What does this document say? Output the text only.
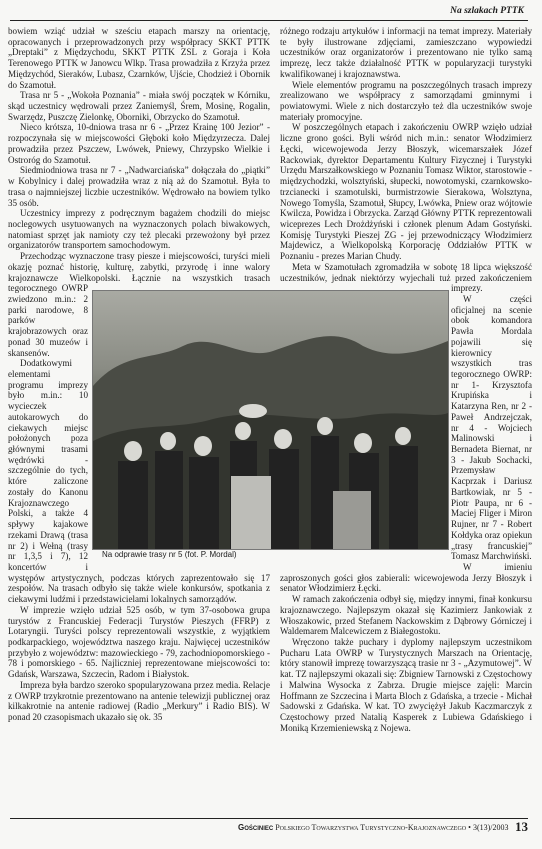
Na szlakach PTTK

bowiem wziąć udział w sześciu etapach marszy na orientację, opracowanych i przeprowadzonych przy współpracy SKKT PTTK „Dreptaki” z Międzychodu, SKKT PTTK ZSL z Goraja i Koła Terenowego PTTK w Janowcu Wlkp. Trasa prowadziła z Krzyża przez Międzychód, Sieraków, Lubasz, Czarnków, Ujście, Chodzież i Obornik do Szamotuł.

Trasa nr 5 - „Wokoła Poznania” - miała swój początek w Kórniku, skąd uczestnicy wędrowali przez Zaniemyśl, Śrem, Mosinę, Rogalin, Swarzędz, Puszczę Zielonkę, Oborniki, Obrzycko do Szamotuł.

Nieco krótsza, 10-dniowa trasa nr 6 - „Przez Krainę 100 Jezior” - rozpoczynała się w miejscowości Głęboki koło Międzyrzecza. Dalej prowadziła przez Pszczew, Lwówek, Pniewy, Chrzypsko Wielkie i Ostroróg do Szamotuł.

Siedmiodniowa trasa nr 7 - „Nadwarciańska” dołączała do „piątki” w Kobylnicy i dalej prowadziła wraz z nią aż do Szamotuł. Była to trasa o najmniejszej liczbie uczestników. Wędrowało na bowiem tylko 35 osób.

Uczestnicy imprezy z podręcznym bagażem chodzili do miejsc noclegowych usytuowanych na wyznaczonych polach biwakowych, natomiast sprzęt jak namioty czy też plecaki przewożony był przez organizatorów transportem samochodowym.

Przechodząc wyznaczone trasy piesze i miejscowości, turyści mieli okazję poznać historię, kulturę, zabytki, przyrodę i inne walory krajoznawcze Wielkopolski. Łącznie na wszystkich trasach tegorocznego OWRP zwiedzono m.in.: 2 parki narodowe, 8 parków krajobrazowych oraz ponad 30 muzeów i skansenów.

Dodatkowymi elementami programu imprezy było m.in.: 10 wycieczek autokarowych do ciekawych miejsc położonych poza głównymi trasami wędrówki - szczególnie do tych, które zaliczone zostały do Kanonu Krajoznawczego Polski, a także 4 spływy kajakowe rzekami Drawą (trasa nr 2) i Wełną (trasy nr 1,3,5 i 7), 12 koncertów i występów artystycznych, podczas których zaprezentowało się 17 zespołów. Na trasach odbyło się także wiele konkursów, spotkania z ciekawymi ludźmi i przedstawicielami lokalnych samorządów.

W imprezie wzięło udział 525 osób, w tym 37-osobowa grupa turystów z Francuskiej Federacji Turystów Pieszych (FFRP) z Lotaryngii. Turyści polscy reprezentowali wszystkie, z wyjątkiem podkarpackiego, województwa naszego kraju. Najwięcej uczestników przybyło z województw: mazowieckiego - 79, zachodniopomorskiego - 78 i pomorskiego - 65. Najliczniej reprezentowane miejscowości to: Gdańsk, Warszawa, Szczecin, Radom i Białystok.

Impreza była bardzo szeroko spopularyzowana przez media. Relacje z OWRP trzykrotnie prezentowano na antenie telewizji publicznej oraz kilkakrotnie na antenie radiowej (Radio „Merkury” i Radio BIS). W ponad 20 czasopismach ukazało się ok. 35

różnego rodzaju artykułów i informacji na temat imprezy. Materiały te były ilustrowane zdjęciami, zamieszczano wypowiedzi uczestników oraz organizatorów i prezentowano nie tylko samą imprezę, lecz także działalność PTTK w popularyzacji turystyki kwalifikowanej i krajoznawstwa.

Wiele elementów programu na poszczególnych trasach imprezy zrealizowano we współpracy z samorządami gminnymi i powiatowymi. Wiele z nich dostarczyło też dla uczestników swoje materiały promocyjne.

W poszczególnych etapach i zakończeniu OWRP wzięło udział liczne grono gości. Byli wśród nich m.in.: senator Włodzimierz Łęcki, wicewojewoda Jerzy Błoszyk, wicemarszałek Józef Rackowiak, dyrektor Departamentu Kultury Fizycznej i Turystyki Urzędu Marszałkowskiego w Poznaniu Tomasz Wiktor, starostowie - międzychodzki, wolsztyński, słupecki, nowotomyski, czarnkowsko-trzcianecki i szamotulski, burmistrzowie Sierakowa, Wolsztyna, Nowego Tomyśla, Szamotuł, Słupcy, Lwówka, Pniew oraz wójtowie Kwilcza, Powidza i Obrzycka. Zarząd Główny PTTK reprezentowali wiceprezes Lech Drożdżyński i członek plenum Adam Gostyński. Komisję Turystyki Pieszej ZG - jej przewodniczący Włodzimierz Majdewicz, a Wielkopolską Korporację Oddziałów PTTK w Poznaniu - prezes Marian Chudy.

Meta w Szamotułach zgromadziła w sobotę 18 lipca większość uczestników, jednak niektórzy wyjechali tuż przed zakończeniem imprezy.

W części oficjalnej na scenie obok komandora Pawła Mordala pojawili się kierownicy wszystkich tras tegorocznego OWRP: nr 1- Krzysztofa Krupińska i Katarzyna Ren, nr 2 - Paweł Andrzejczak, nr 4 - Wojciech Malinowski i Bernadeta Biernat, nr 3 - Jakub Sochacki, Przemysław Kacprzak i Dariusz Bartkowiak, nr 5 - Piotr Paupa, nr 6 - Maciej Fliger i Miron Rujner, nr 7 - Robert Kołdyka oraz opiekun „trasy francuskiej” Tomasz Marchwiński.

W imieniu zaproszonych gości głos zabierali: wicewojewoda Jerzy Błoszyk i senator Włodzimierz Łęcki.

W ramach zakończenia odbył się, między innymi, finał konkursu krajoznawczego. Najlepszym okazał się Kazimierz Jankowiak z Włoszakowic, przed Stefanem Nackowskim z Dąbrowy Górniczej i Waldemarem Malcewiczem z Białegostoku.

Wręczono także puchary i dyplomy najlepszym uczestnikom Pucharu Lata OWRP w Turystycznych Marszach na Orientację, który stanowił imprezę towarzyszącą trasie nr 3 - „Azymutowej”. W kat. TZ najlepszymi okazali się: Zbigniew Tarnowski z Częstochowy i Malwina Wysocka z Zabrza. Drugie miejsce zajęli: Marcin Hoffmann ze Szczecina i Marta Bloch z Gdańska, a trzecie - Michał Sadowski z Gdańska. W kat. TO zwyciężył Jakub Kaczmarczyk z Częstochowy przed Natalią Kasperek z Lubiewa Gdańskiego i Moniką Krzemieniewską z Nojewa.

Na odprawie trasy nr 5 (fot. P. Mordal)
Gościniec Polskiego Towarzystwa Turystyczno-Krajoznawczego • 3(13)/2003 13
